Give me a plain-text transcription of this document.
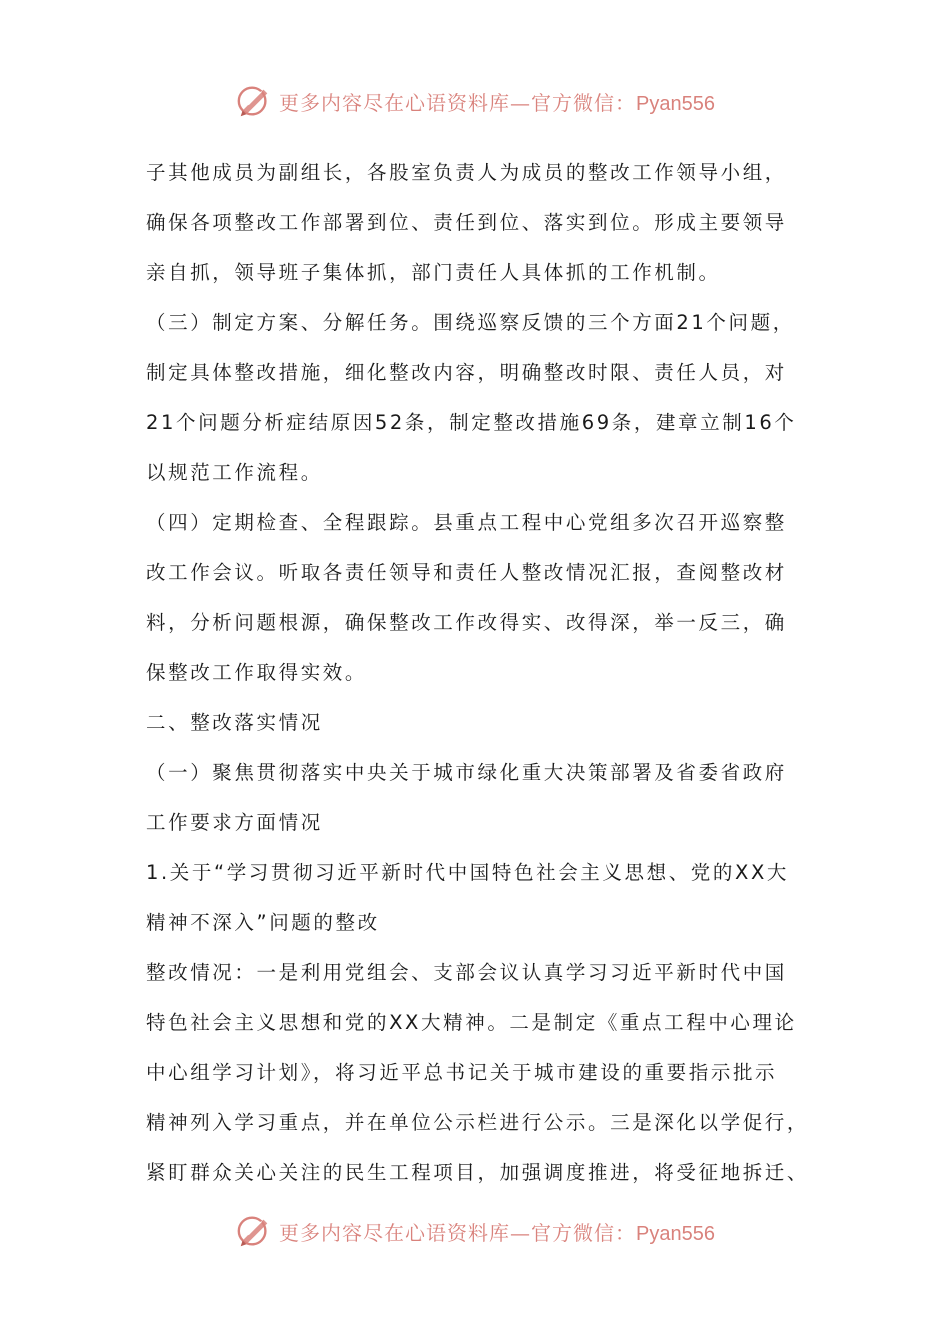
更多内容尽在心语资料库—官方微信：Pyan556
子其他成员为副组长，各股室负责人为成员的整改工作领导小组，
确保各项整改工作部署到位、责任到位、落实到位。形成主要领导
亲自抓，领导班子集体抓，部门责任人具体抓的工作机制。
（三）制定方案、分解任务。围绕巡察反馈的三个方面21个问题，
制定具体整改措施，细化整改内容，明确整改时限、责任人员，对
21个问题分析症结原因52条，制定整改措施69条，建章立制16个
以规范工作流程。
（四）定期检查、全程跟踪。县重点工程中心党组多次召开巡察整
改工作会议。听取各责任领导和责任人整改情况汇报，查阅整改材
料，分析问题根源，确保整改工作改得实、改得深，举一反三，确
保整改工作取得实效。
二、整改落实情况
（一）聚焦贯彻落实中央关于城市绿化重大决策部署及省委省政府
工作要求方面情况
1.关于“学习贯彻习近平新时代中国特色社会主义思想、党的XX大
精神不深入”问题的整改
整改情况：一是利用党组会、支部会议认真学习习近平新时代中国
特色社会主义思想和党的XX大精神。二是制定《重点工程中心理论
中心组学习计划》，将习近平总书记关于城市建设的重要指示批示
精神列入学习重点，并在单位公示栏进行公示。三是深化以学促行，
紧盯群众关心关注的民生工程项目，加强调度推进，将受征地拆迁、
更多内容尽在心语资料库—官方微信：Pyan556
